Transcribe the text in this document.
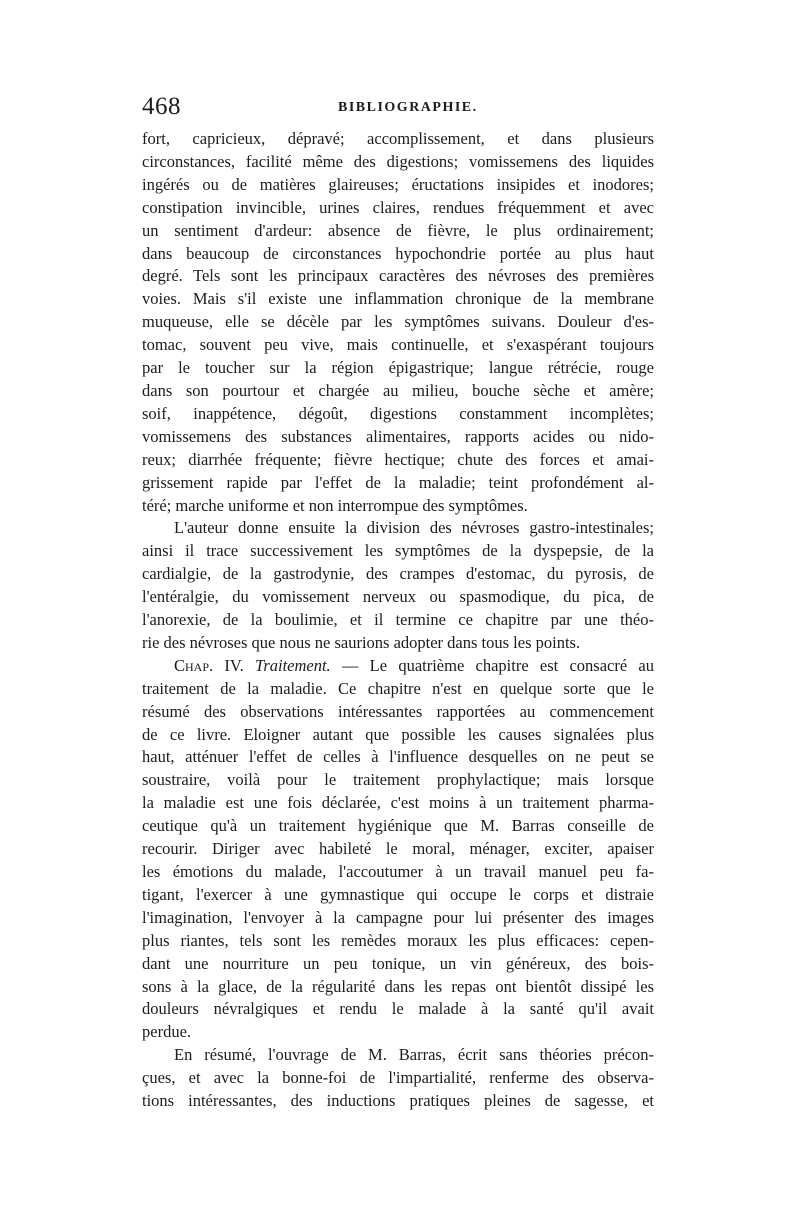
468	BIBLIOGRAPHIE.
fort, capricieux, dépravé; accomplissement, et dans plusieurs
circonstances, facilité même des digestions; vomissemens des liquides
ingérés ou de matières glaireuses; éructations insipides et inodores;
constipation invincible, urines claires, rendues fréquemment et avec
un sentiment d'ardeur: absence de fièvre, le plus ordinairement;
dans beaucoup de circonstances hypochondrie portée au plus haut
degré. Tels sont les principaux caractères des névroses des premières
voies. Mais s'il existe une inflammation chronique de la membrane
muqueuse, elle se décèle par les symptômes suivans. Douleur d'es-
tomac, souvent peu vive, mais continuelle, et s'exaspérant toujours
par le toucher sur la région épigastrique; langue rétrécie, rouge
dans son pourtour et chargée au milieu, bouche sèche et amère;
soif, inappétence, dégoût, digestions constamment incomplètes;
vomissemens des substances alimentaires, rapports acides ou nido-
reux; diarrhée fréquente; fièvre hectique; chute des forces et amai-
grissement rapide par l'effet de la maladie; teint profondément al-
téré; marche uniforme et non interrompue des symptômes.
L'auteur donne ensuite la division des névroses gastro-intestinales;
ainsi il trace successivement les symptômes de la dyspepsie, de la
cardialgie, de la gastrodynie, des crampes d'estomac, du pyrosis, de
l'entéralgie, du vomissement nerveux ou spasmodique, du pica, de
l'anorexie, de la boulimie, et il termine ce chapitre par une théo-
rie des névroses que nous ne saurions adopter dans tous les points.
Chap. IV. Traitement. — Le quatrième chapitre est consacré au
traitement de la maladie. Ce chapitre n'est en quelque sorte que le
résumé des observations intéressantes rapportées au commencement
de ce livre. Eloigner autant que possible les causes signalées plus
haut, atténuer l'effet de celles à l'influence desquelles on ne peut se
soustraire, voilà pour le traitement prophylactique; mais lorsque
la maladie est une fois déclarée, c'est moins à un traitement pharma-
ceutique qu'à un traitement hygiénique que M. Barras conseille de
recourir. Diriger avec habileté le moral, ménager, exciter, apaiser
les émotions du malade, l'accoutumer à un travail manuel peu fa-
tigant, l'exercer à une gymnastique qui occupe le corps et distraie
l'imagination, l'envoyer à la campagne pour lui présenter des images
plus riantes, tels sont les remèdes moraux les plus efficaces: cepen-
dant une nourriture un peu tonique, un vin généreux, des bois-
sons à la glace, de la régularité dans les repas ont bientôt dissipé les
douleurs névralgiques et rendu le malade à la santé qu'il avait
perdue.
En résumé, l'ouvrage de M. Barras, écrit sans théories précon-
çues, et avec la bonne-foi de l'impartialité, renferme des observa-
tions intéressantes, des inductions pratiques pleines de sagesse, et
